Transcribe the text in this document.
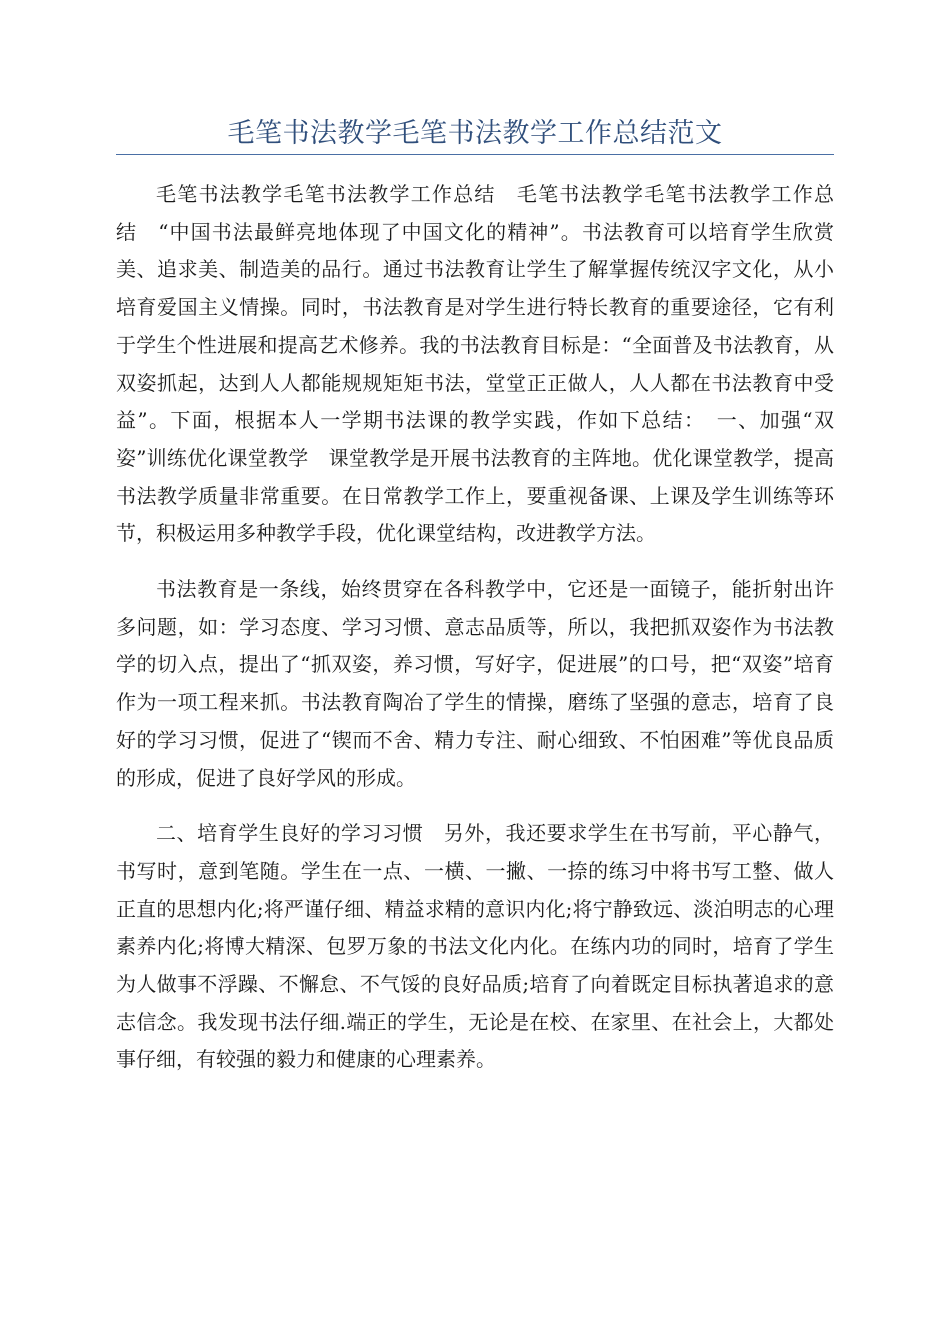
毛笔书法教学毛笔书法教学工作总结范文

毛笔书法教学毛笔书法教学工作总结　毛笔书法教学毛笔书法教学工作总结　“中国书法最鲜亮地体现了中国文化的精神”。书法教育可以培育学生欣赏美、追求美、制造美的品行。通过书法教育让学生了解掌握传统汉字文化，从小培育爱国主义情操。同时，书法教育是对学生进行特长教育的重要途径，它有利于学生个性进展和提高艺术修养。我的书法教育目标是：“全面普及书法教育，从双姿抓起，达到人人都能规规矩矩书法，堂堂正正做人，人人都在书法教育中受益”。下面，根据本人一学期书法课的教学实践，作如下总结：　一、加强“双姿”训练优化课堂教学　课堂教学是开展书法教育的主阵地。优化课堂教学，提高书法教学质量非常重要。在日常教学工作上，要重视备课、上课及学生训练等环节，积极运用多种教学手段，优化课堂结构，改进教学方法。

书法教育是一条线，始终贯穿在各科教学中，它还是一面镜子，能折射出许多问题，如：学习态度、学习习惯、意志品质等，所以，我把抓双姿作为书法教学的切入点，提出了“抓双姿，养习惯，写好字，促进展”的口号，把“双姿”培育作为一项工程来抓。书法教育陶冶了学生的情操，磨练了坚强的意志，培育了良好的学习习惯，促进了“锲而不舍、精力专注、耐心细致、不怕困难”等优良品质的形成，促进了良好学风的形成。

二、培育学生良好的学习习惯　另外，我还要求学生在书写前，平心静气，书写时，意到笔随。学生在一点、一横、一撇、一捺的练习中将书写工整、做人正直的思想内化;将严谨仔细、精益求精的意识内化;将宁静致远、淡泊明志的心理素养内化;将博大精深、包罗万象的书法文化内化。在练内功的同时，培育了学生为人做事不浮躁、不懈怠、不气馁的良好品质;培育了向着既定目标执著追求的意志信念。我发现书法仔细.端正的学生，无论是在校、在家里、在社会上，大都处事仔细，有较强的毅力和健康的心理素养。
